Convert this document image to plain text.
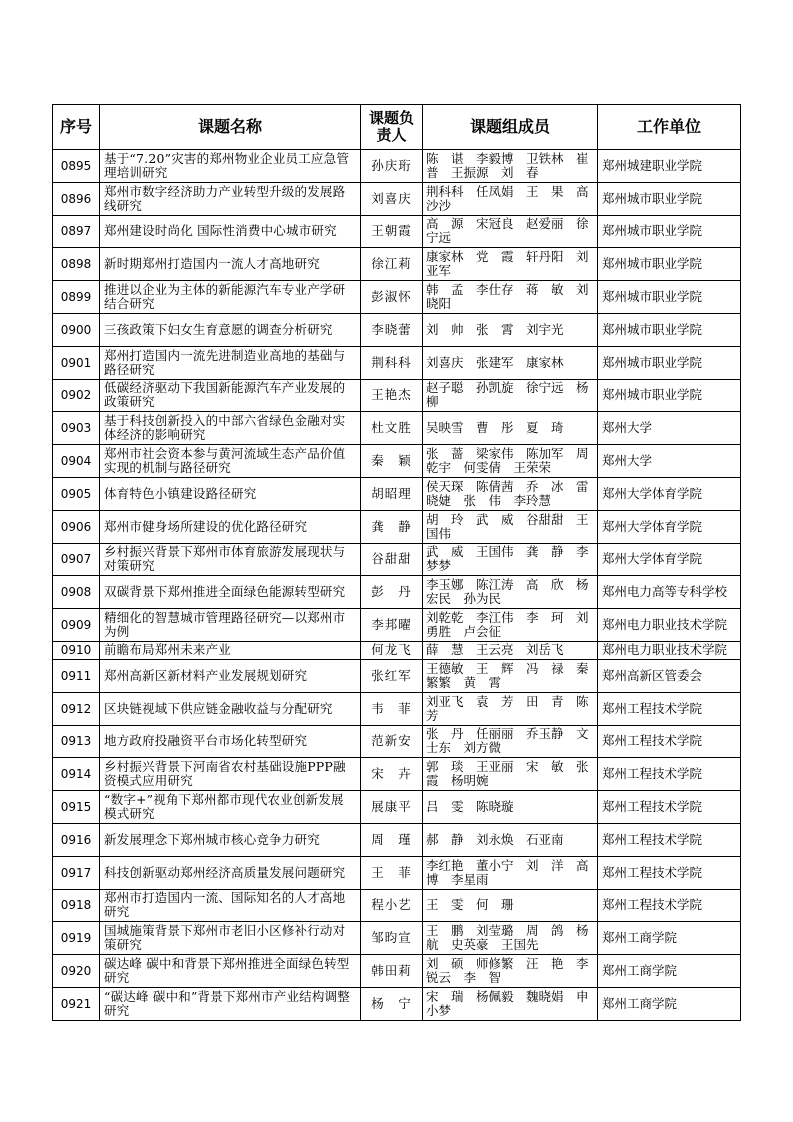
序号	课题名称	课题负责人	课题组成员	工作单位
0895	基于“7.20”灾害的郑州物业企业员工应急管理培训研究	孙庆珩	陈　谌　李毅博　卫铁林　崔　普　王振源　刘　春	郑州城建职业学院
0896	郑州市数字经济助力产业转型升级的发展路线研究	刘喜庆	荆科科　任凤娟　王　果　高沙沙	郑州城市职业学院
0897	郑州建设时尚化 国际性消费中心城市研究	王朝霞	高　源　宋冠良　赵爱丽　徐宁远	郑州城市职业学院
0898	新时期郑州打造国内一流人才高地研究	徐江莉	康家林　党　霞　轩丹阳　刘亚军	郑州城市职业学院
0899	推进以企业为主体的新能源汽车专业产学研结合研究	彭淑怀	韩　孟　李仕存　蒋　敏　刘晓阳	郑州城市职业学院
0900	三孩政策下妇女生育意愿的调查分析研究	李晓蕾	刘　帅　张　霄　刘宇光	郑州城市职业学院
0901	郑州打造国内一流先进制造业高地的基础与路径研究	荆科科	刘喜庆　张建军　康家林	郑州城市职业学院
0902	低碳经济驱动下我国新能源汽车产业发展的政策研究	王艳杰	赵子聪　孙凯旋　徐宁远　杨　柳	郑州城市职业学院
0903	基于科技创新投入的中部六省绿色金融对实体经济的影响研究	杜文胜	吴映雪　曹　彤　夏　琦	郑州大学
0904	郑州市社会资本参与黄河流域生态产品价值实现的机制与路径研究	秦　颖	张　蔷　梁家伟　陈加军　周乾宇　何雯倩　王荣荣	郑州大学
0905	体育特色小镇建设路径研究	胡昭理	侯天琛　陈倩茜　乔　冰　雷晓婕　张　伟　李玲慧	郑州大学体育学院
0906	郑州市健身场所建设的优化路径研究	龚　静	胡　玲　武　威　谷甜甜　王国伟	郑州大学体育学院
0907	乡村振兴背景下郑州市体育旅游发展现状与对策研究	谷甜甜	武　威　王国伟　龚　静　李梦梦	郑州大学体育学院
0908	双碳背景下郑州推进全面绿色能源转型研究	彭　丹	李玉娜　陈江涛　高　欣　杨宏民　孙为民	郑州电力高等专科学校
0909	精细化的智慧城市管理路径研究—以郑州市为例	李邦曜	刘乾乾　李江伟　李　珂　刘勇胜　卢会征	郑州电力职业技术学院
0910	前瞻布局郑州未来产业	何龙飞	薛　慧　王云亮　刘岳飞	郑州电力职业技术学院
0911	郑州高新区新材料产业发展规划研究	张红军	王德敏　王　辉　冯　禄　秦繁繁　黄　霄	郑州高新区管委会
0912	区块链视域下供应链金融收益与分配研究	韦　菲	刘亚飞　袁　芳　田　青　陈　芳	郑州工程技术学院
0913	地方政府投融资平台市场化转型研究	范新安	张　丹　任丽丽　乔玉静　文士东　刘方微	郑州工程技术学院
0914	乡村振兴背景下河南省农村基础设施PPP融资模式应用研究	宋　卉	郭　琰　王亚丽　宋　敏　张　霞　杨明婉	郑州工程技术学院
0915	“数字+”视角下郑州都市现代农业创新发展模式研究	展康平	吕　雯　陈晓璇	郑州工程技术学院
0916	新发展理念下郑州城市核心竞争力研究	周　瑾	郝　静　刘永焕　石亚南	郑州工程技术学院
0917	科技创新驱动郑州经济高质量发展问题研究	王　菲	李红艳　董小宁　刘　洋　高　博　李星雨	郑州工程技术学院
0918	郑州市打造国内一流、国际知名的人才高地研究	程小艺	王　雯　何　珊	郑州工程技术学院
0919	国城施策背景下郑州市老旧小区修补行动对策研究	邹昀宣	王　鹏　刘莹璐　周　鸽　杨　航　史英豪　王国先	郑州工商学院
0920	碳达峰 碳中和背景下郑州推进全面绿色转型研究	韩田莉	刘　硕　师修繁　汪　艳　李锐云　李　智	郑州工商学院
0921	“碳达峰 碳中和”背景下郑州市产业结构调整研究	杨　宁	宋　瑞　杨佩毅　魏晓娟　申小梦	郑州工商学院
